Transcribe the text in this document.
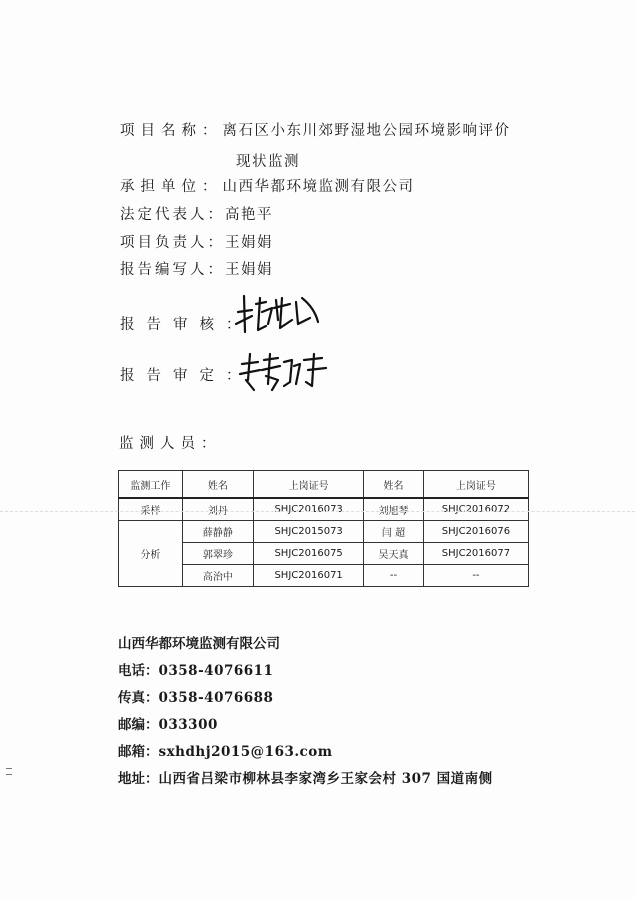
项目名称：离石区小东川郊野湿地公园环境影响评价
现状监测
承担单位：山西华都环境监测有限公司
法定代表人：高艳平
项目负责人：王娟娟
报告编写人：王娟娟
报告审核：
报告审定：
监测人员：
监测工作	姓名	上岗证号	姓名	上岗证号
采样	刘丹	SHJC2016073	刘旭琴	SHJC2016072
分析	薛静静	SHJC2015073	闫 超	SHJC2016076
	郭翠珍	SHJC2016075	吴天真	SHJC2016077
	高治中	SHJC2016071	--	--
山西华都环境监测有限公司
电话：0358-4076611
传真：0358-4076688
邮编：033300
邮箱：sxhdhj2015@163.com
地址：山西省吕梁市柳林县李家湾乡王家会村 307 国道南侧
